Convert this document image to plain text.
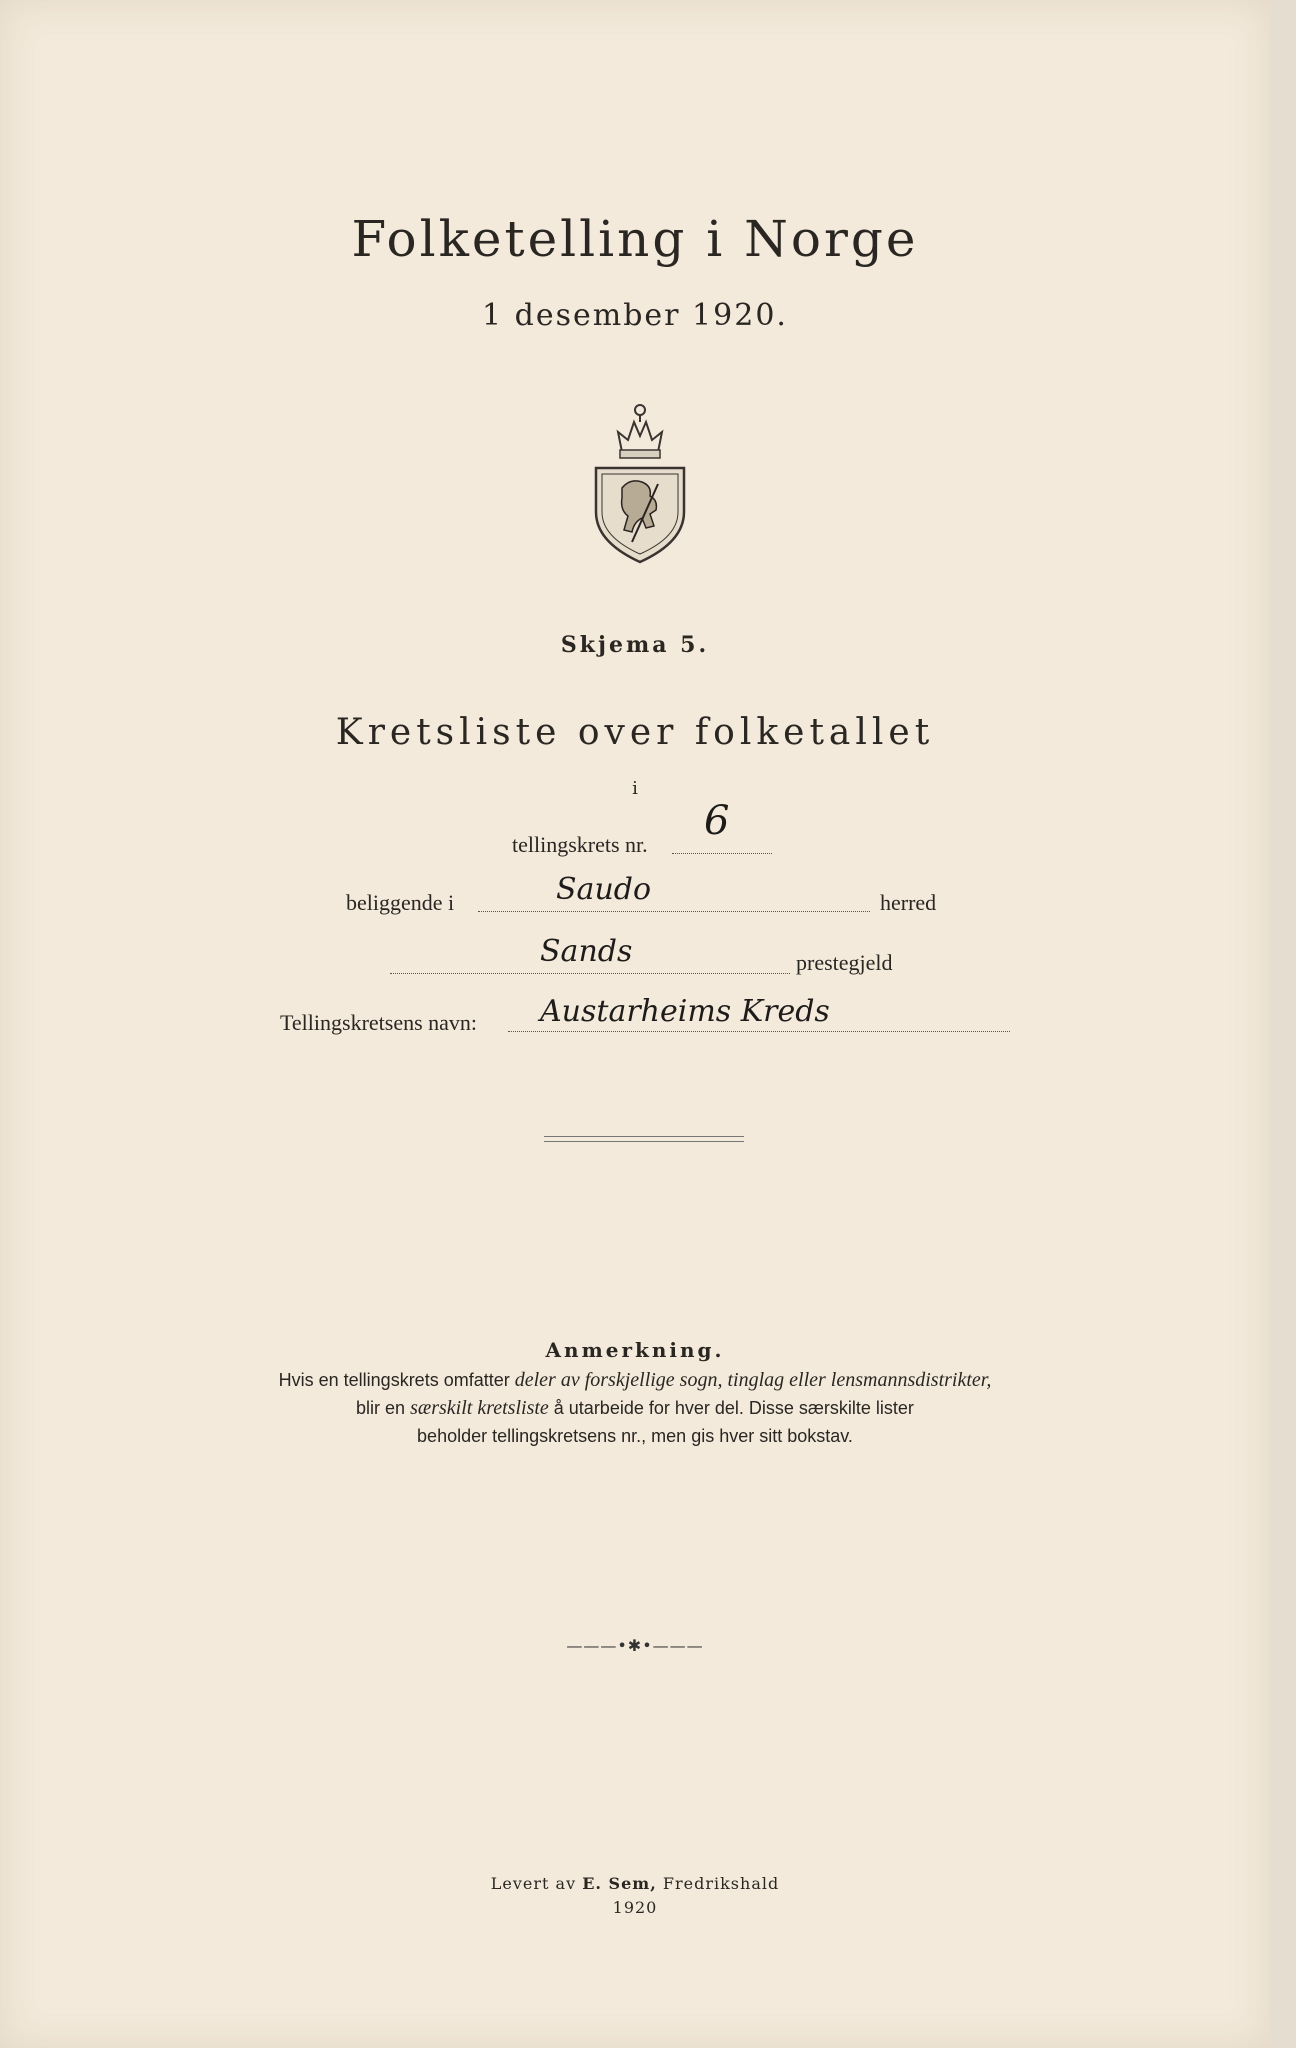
Folketelling i Norge
1 desember 1920.
Skjema 5.
Kretsliste over folketallet
i
tellingskrets nr.
6
beliggende i	Saudo	herred
Sands	prestegjeld
Tellingskretsens navn: Austarheims Kreds
Anmerkning.
Hvis en tellingskrets omfatter deler av forskjellige sogn, tinglag eller lensmannsdistrikter,
blir en særskilt kretsliste å utarbeide for hver del. Disse særskilte lister
beholder tellingskretsens nr., men gis hver sitt bokstav.
———•✱•———
Levert av E. Sem, Fredrikshald
1920
